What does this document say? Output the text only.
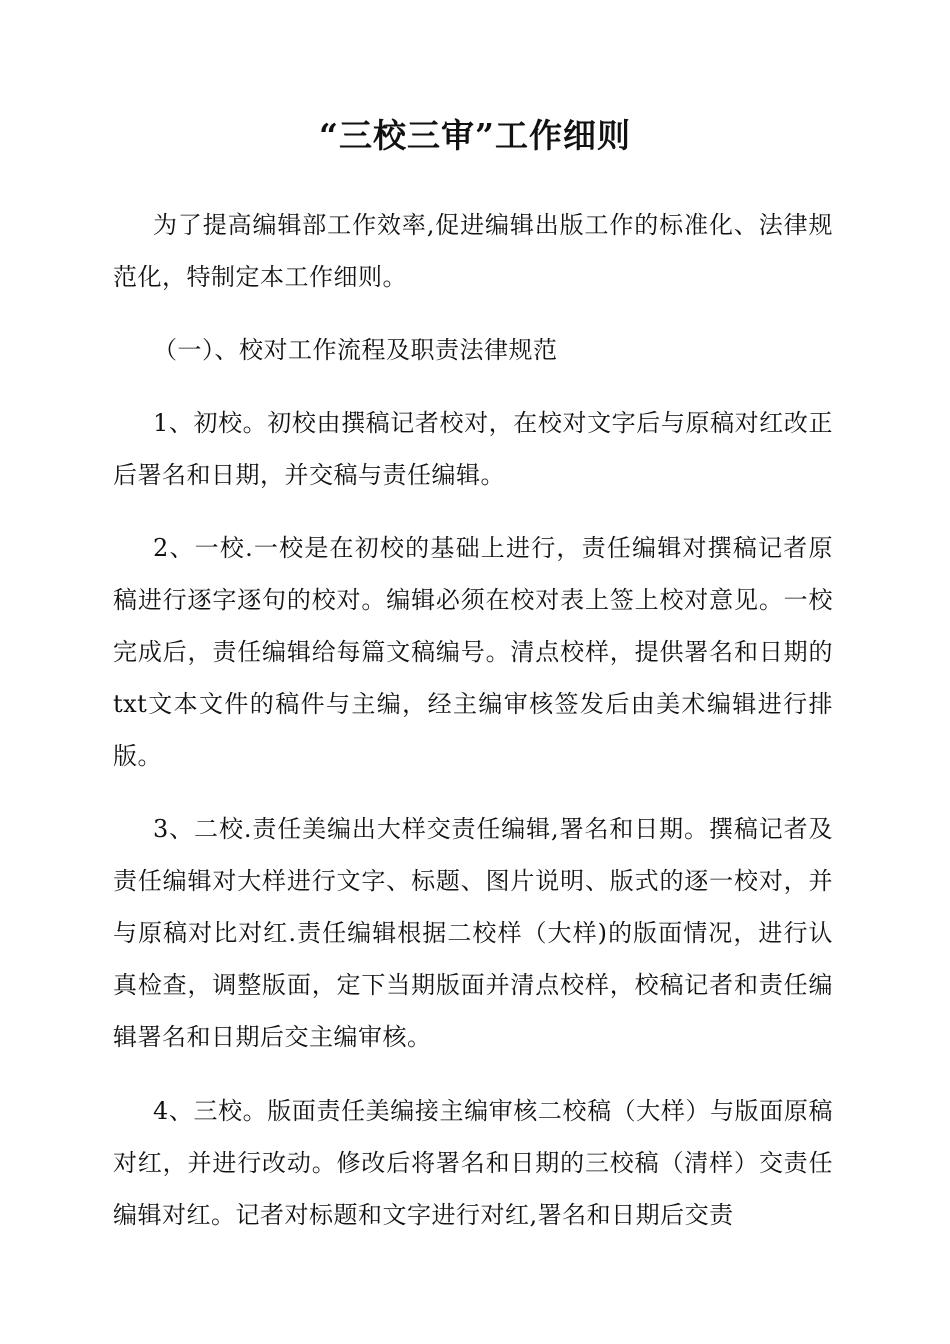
“三校三审”工作细则

为了提高编辑部工作效率,促进编辑出版工作的标准化、法律规范化，特制定本工作细则。

（一）、校对工作流程及职责法律规范

1、初校。初校由撰稿记者校对，在校对文字后与原稿对红改正后署名和日期，并交稿与责任编辑。

2、一校.一校是在初校的基础上进行，责任编辑对撰稿记者原稿进行逐字逐句的校对。编辑必须在校对表上签上校对意见。一校完成后，责任编辑给每篇文稿编号。清点校样，提供署名和日期的txt文本文件的稿件与主编，经主编审核签发后由美术编辑进行排版。

3、二校.责任美编出大样交责任编辑,署名和日期。撰稿记者及责任编辑对大样进行文字、标题、图片说明、版式的逐一校对，并与原稿对比对红.责任编辑根据二校样（大样)的版面情况，进行认真检查，调整版面，定下当期版面并清点校样，校稿记者和责任编辑署名和日期后交主编审核。

4、三校。版面责任美编接主编审核二校稿（大样）与版面原稿对红，并进行改动。修改后将署名和日期的三校稿（清样）交责任编辑对红。记者对标题和文字进行对红,署名和日期后交责
